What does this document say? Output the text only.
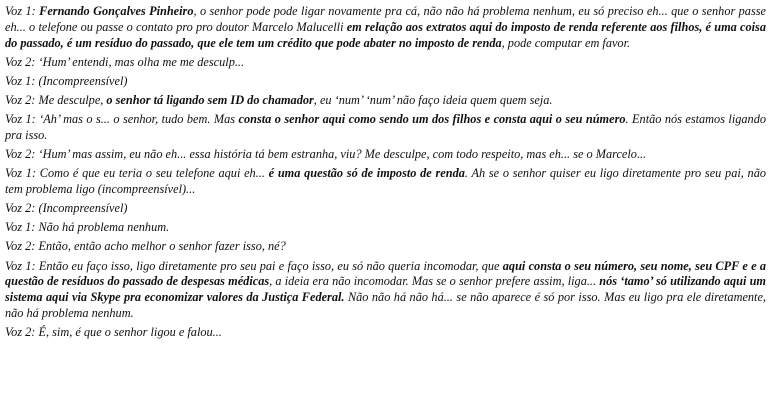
Voz 1: Fernando Gonçalves Pinheiro, o senhor pode pode ligar novamente pra cá, não não há problema nenhum, eu só preciso eh... que o senhor passe eh... o telefone ou passe o contato pro pro doutor Marcelo Malucelli em relação aos extratos aqui do imposto de renda referente aos filhos, é uma coisa do passado, é um resíduo do passado, que ele tem um crédito que pode abater no imposto de renda, pode computar em favor.

Voz 2: ‘Hum’ entendi, mas olha me me desculp...

Voz 1: (Incompreensível)

Voz 2: Me desculpe, o senhor tá ligando sem ID do chamador, eu ‘num’ ‘num’ não faço ideia quem quem seja.

Voz 1: ‘Ah’ mas o s... o senhor, tudo bem. Mas consta o senhor aqui como sendo um dos filhos e consta aqui o seu número. Então nós estamos ligando pra isso.

Voz 2: ‘Hum’ mas assim, eu não eh... essa história tá bem estranha, viu? Me desculpe, com todo respeito, mas eh... se o Marcelo...

Voz 1: Como é que eu teria o seu telefone aqui eh... é uma questão só de imposto de renda. Ah se o senhor quiser eu ligo diretamente pro seu pai, não tem problema ligo (incompreensível)...

Voz 2: (Incompreensível)

Voz 1: Não há problema nenhum.

Voz 2: Então, então acho melhor o senhor fazer isso, né?

Voz 1: Então eu faço isso, ligo diretamente pro seu pai e faço isso, eu só não queria incomodar, que aqui consta o seu número, seu nome, seu CPF e e a questão de resíduos do passado de despesas médicas, a ideia era não incomodar. Mas se o senhor prefere assim, liga... nós ‘tamo’ só utilizando aqui um sistema aqui via Skype pra economizar valores da Justiça Federal. Não não há não há... se não aparece é só por isso. Mas eu ligo pra ele diretamente, não há problema nenhum.

Voz 2: É, sim, é que o senhor ligou e falou...
